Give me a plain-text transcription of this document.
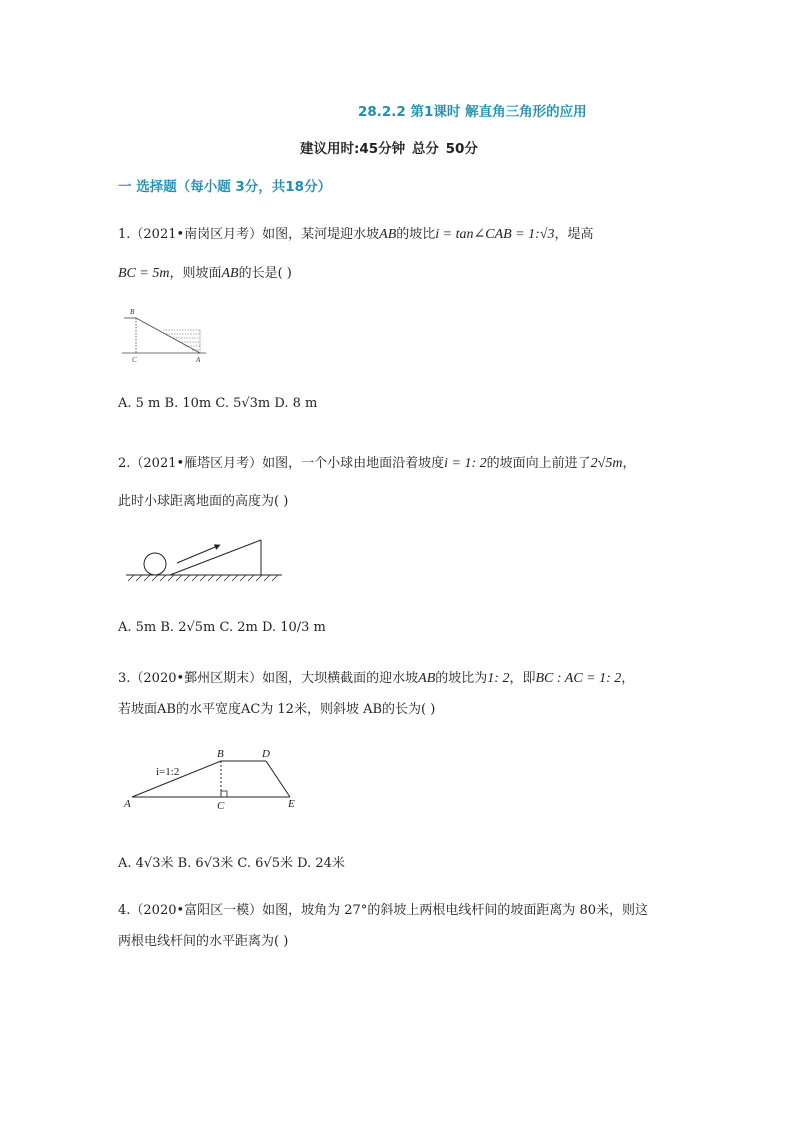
28.2.2 第1课时 解直角三角形的应用
建议用时:45分钟 总分 50分
一 选择题（每小题 3分，共18分）
1.（2021•南岗区月考）如图，某河堤迎水坡AB的坡比i = tan∠CAB = 1:√3，堤高
BC = 5m，则坡面AB的长是( )
B
C	A
A. 5 m B. 10m C. 5√3m D. 8 m
2.（2021•雁塔区月考）如图，一个小球由地面沿着坡度i = 1: 2的坡面向上前进了2√5m，
此时小球距离地面的高度为( )
A. 5m B. 2√5m C. 2m D. 10/3 m
3.（2020•鄞州区期末）如图，大坝横截面的迎水坡AB的坡比为1: 2，即BC : AC = 1: 2，
若坡面AB的水平宽度AC为 12米，则斜坡 AB的长为( )
i=1:2
A
B
C
D
E
A. 4√3米 B. 6√3米 C. 6√5米 D. 24米
4.（2020•富阳区一模）如图，坡角为 27°的斜坡上两根电线杆间的坡面距离为 80米，则这
两根电线杆间的水平距离为( )
